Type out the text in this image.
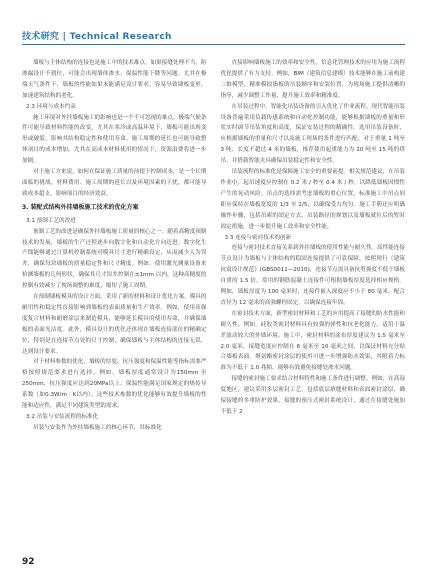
技术研究 | Technical Research

墙板与主体结构的连接也是施工中的技术难点。如果接缝处理不当，防渗漏设计不到位，可能会出现墙体渗水、保温性能下降等问题。尤其在极端天气条件下，墙板的性能如果未能满足设计要求，容易导致墙板变形，加速建筑结构的老化。

2.3 环境与成本约束

施工环境对外挂墙板施工的影响也是一个不可忽视的难点。极端气候条件可能导致材料性能的改变，尤其在寒冷或高温环境下，墙板可能出现变形或破裂，影响其结构稳定性和使用寿命。施工周期的延长也可能导致整体项目的成本增加。尤其在高成本材料使用的情况下，资源浪费将进一步加剧。

对于施工方来说，如何在保证施工质量的前提下控制成本，是一个长期面临的挑战。材料费用、施工周期的延长以及环境因素的干扰，都可能导致成本超支，影响项目的经济效益。

3. 装配式结构外挂墙板施工技术的优化方案

3.1 预制工艺的改进

预制工艺的改进是确保外挂墙板施工质量的核心之一。随着高精度预制技术的发展，墙板的生产过程逐步向数字化和自动化方向迈进。数字化生产线能够通过计算机控制系统对模具尺寸进行精确设定，从而减少人为误差，确保每块墙板的质量稳定性和尺寸精度。例如，使用激光测量设备来检测墙板的几何形状，确保其尺寸误差控制在±1mm 以内，这种高精度的控制有效减少了现场调整的难度，缩短了施工周期。

在预制墙板模具的设计方面，采用了新的材料和设计优化方案。模具的耐用性和稳定性直接影响到墙板的表面质量和生产效率。例如，使用高强度复合材料和耐磨涂层来制造模具，能够延长模具的使用寿命，并确保墙板的表面光洁度。此外，模具设计的优化还体现在墙板连接部位的精确定位，特别是在连接节点处的尺寸控制，确保墙板与主体结构的连接无误，达到设计要求。

对于材料参数的优化，墙板的厚度、抗压强度和保温性能等指标需要严格按照规范要求进行选择。例如，墙板厚度通常设计为150mm 至250mm，抗压强度应达到20MPa以上，保温性能满足国家规定的热传导系数（如0.3W/m · K以内）。这些技术参数的优化能够有效提升墙板的性能和适应性，满足不同建筑类型的需求。

3.2 吊装与安装流程的标准化

吊装与安装作为外挂墙板施工的核心环节，其标准化

直接影响墙板施工的效率和安全性。信息化管理技术的应用为施工流程优化提供了有力支持。例如，BIM（建筑信息建模）技术能够在施工前构建三维模型，精准模拟墙板的吊装顺序和安装位置，为现场施工提供清晰的指导，减少调整工作量，提升施工效率和精准度。

在吊装过程中，智能化吊装设备的引入优化了作业流程。现代智能吊装设备普遍采用负载传感系统和自动化控制功能，能够根据墙板的重量和形状实时调节吊装角度和高度，保证安装过程的精确性。选用吊装设备时，应根据墙板的重量和尺寸以及施工现场的条件进行匹配。对于重量 1 吨至 3 吨、长度不超过 4 米的墙板，推荐使用起重能力为 10 吨至 15 吨的塔吊，并搭载智能夹具确保吊装稳定性和安全性。

吊装流程的标准化是保障施工安全的重要前提。相关规范建议，在吊装作业中，起吊速度应控制在 0.2 米 / 秒至 0.4 米 / 秒，以降低墙板因惯性产生的晃动风险。吊点的选择需考虑墙板的重心位置，标准施工中吊点间距应保持在墙板宽度的 1/3 至 2/5，以确保受力均匀。施工手册还应明确操作步骤，包括吊索的固定方式、吊装路径的规划以及墙板就位后的暂时固定措施，进一步提升施工效率和安全性能。

3.3 连接与密封技术的创新

连接与密封技术直接关系到外挂墙板的使用性能与耐久性。高性能连接节点设计为墙板与主体结构的稳固连接提供了可靠保障。按照现行《建筑抗震设计规范》(GBS0011—2010)，连接节点需具备抗剪强度不低于墙板自重的 1.5 倍，常用的钢筋混凝土连接件可根据墙板厚度选择相应规格。例如，墙板厚度为 100 毫米时，连接件嵌入深度应不小于 80 毫米，配合直径为 12 毫米的高强螺栓固定，以确保连接牢固。

在密封技术方面，新型密封材料和工艺的应用提高了接缝的防水性能和耐久性。例如，硅胶类密封材料具有较强的弹性和抗老化能力，适用于温差波动较大的外墙环境。施工中，密封材料的涂布厚度建议为 1.5 毫米至 2.0 毫米，接缝宽度应控制在 6 毫米至 10 毫米之间，以保证材料充分贴合墙板表面。聚氨酯密封涂层的使用可进一步增强防水效果，其附着力标准为不低于 1.0 兆帕，能够有效避免接缝处渗水问题。

接缝的密封施工要求结合材料特性和施工条件进行调整。例如，在高湿度地区，建议采用多层密封工艺，包括底层填缝材料和表面密封涂层，确保接缝的多重防护效果。接缝的预压式密封系统设计，通过在接缝处施加不低于 2

92
